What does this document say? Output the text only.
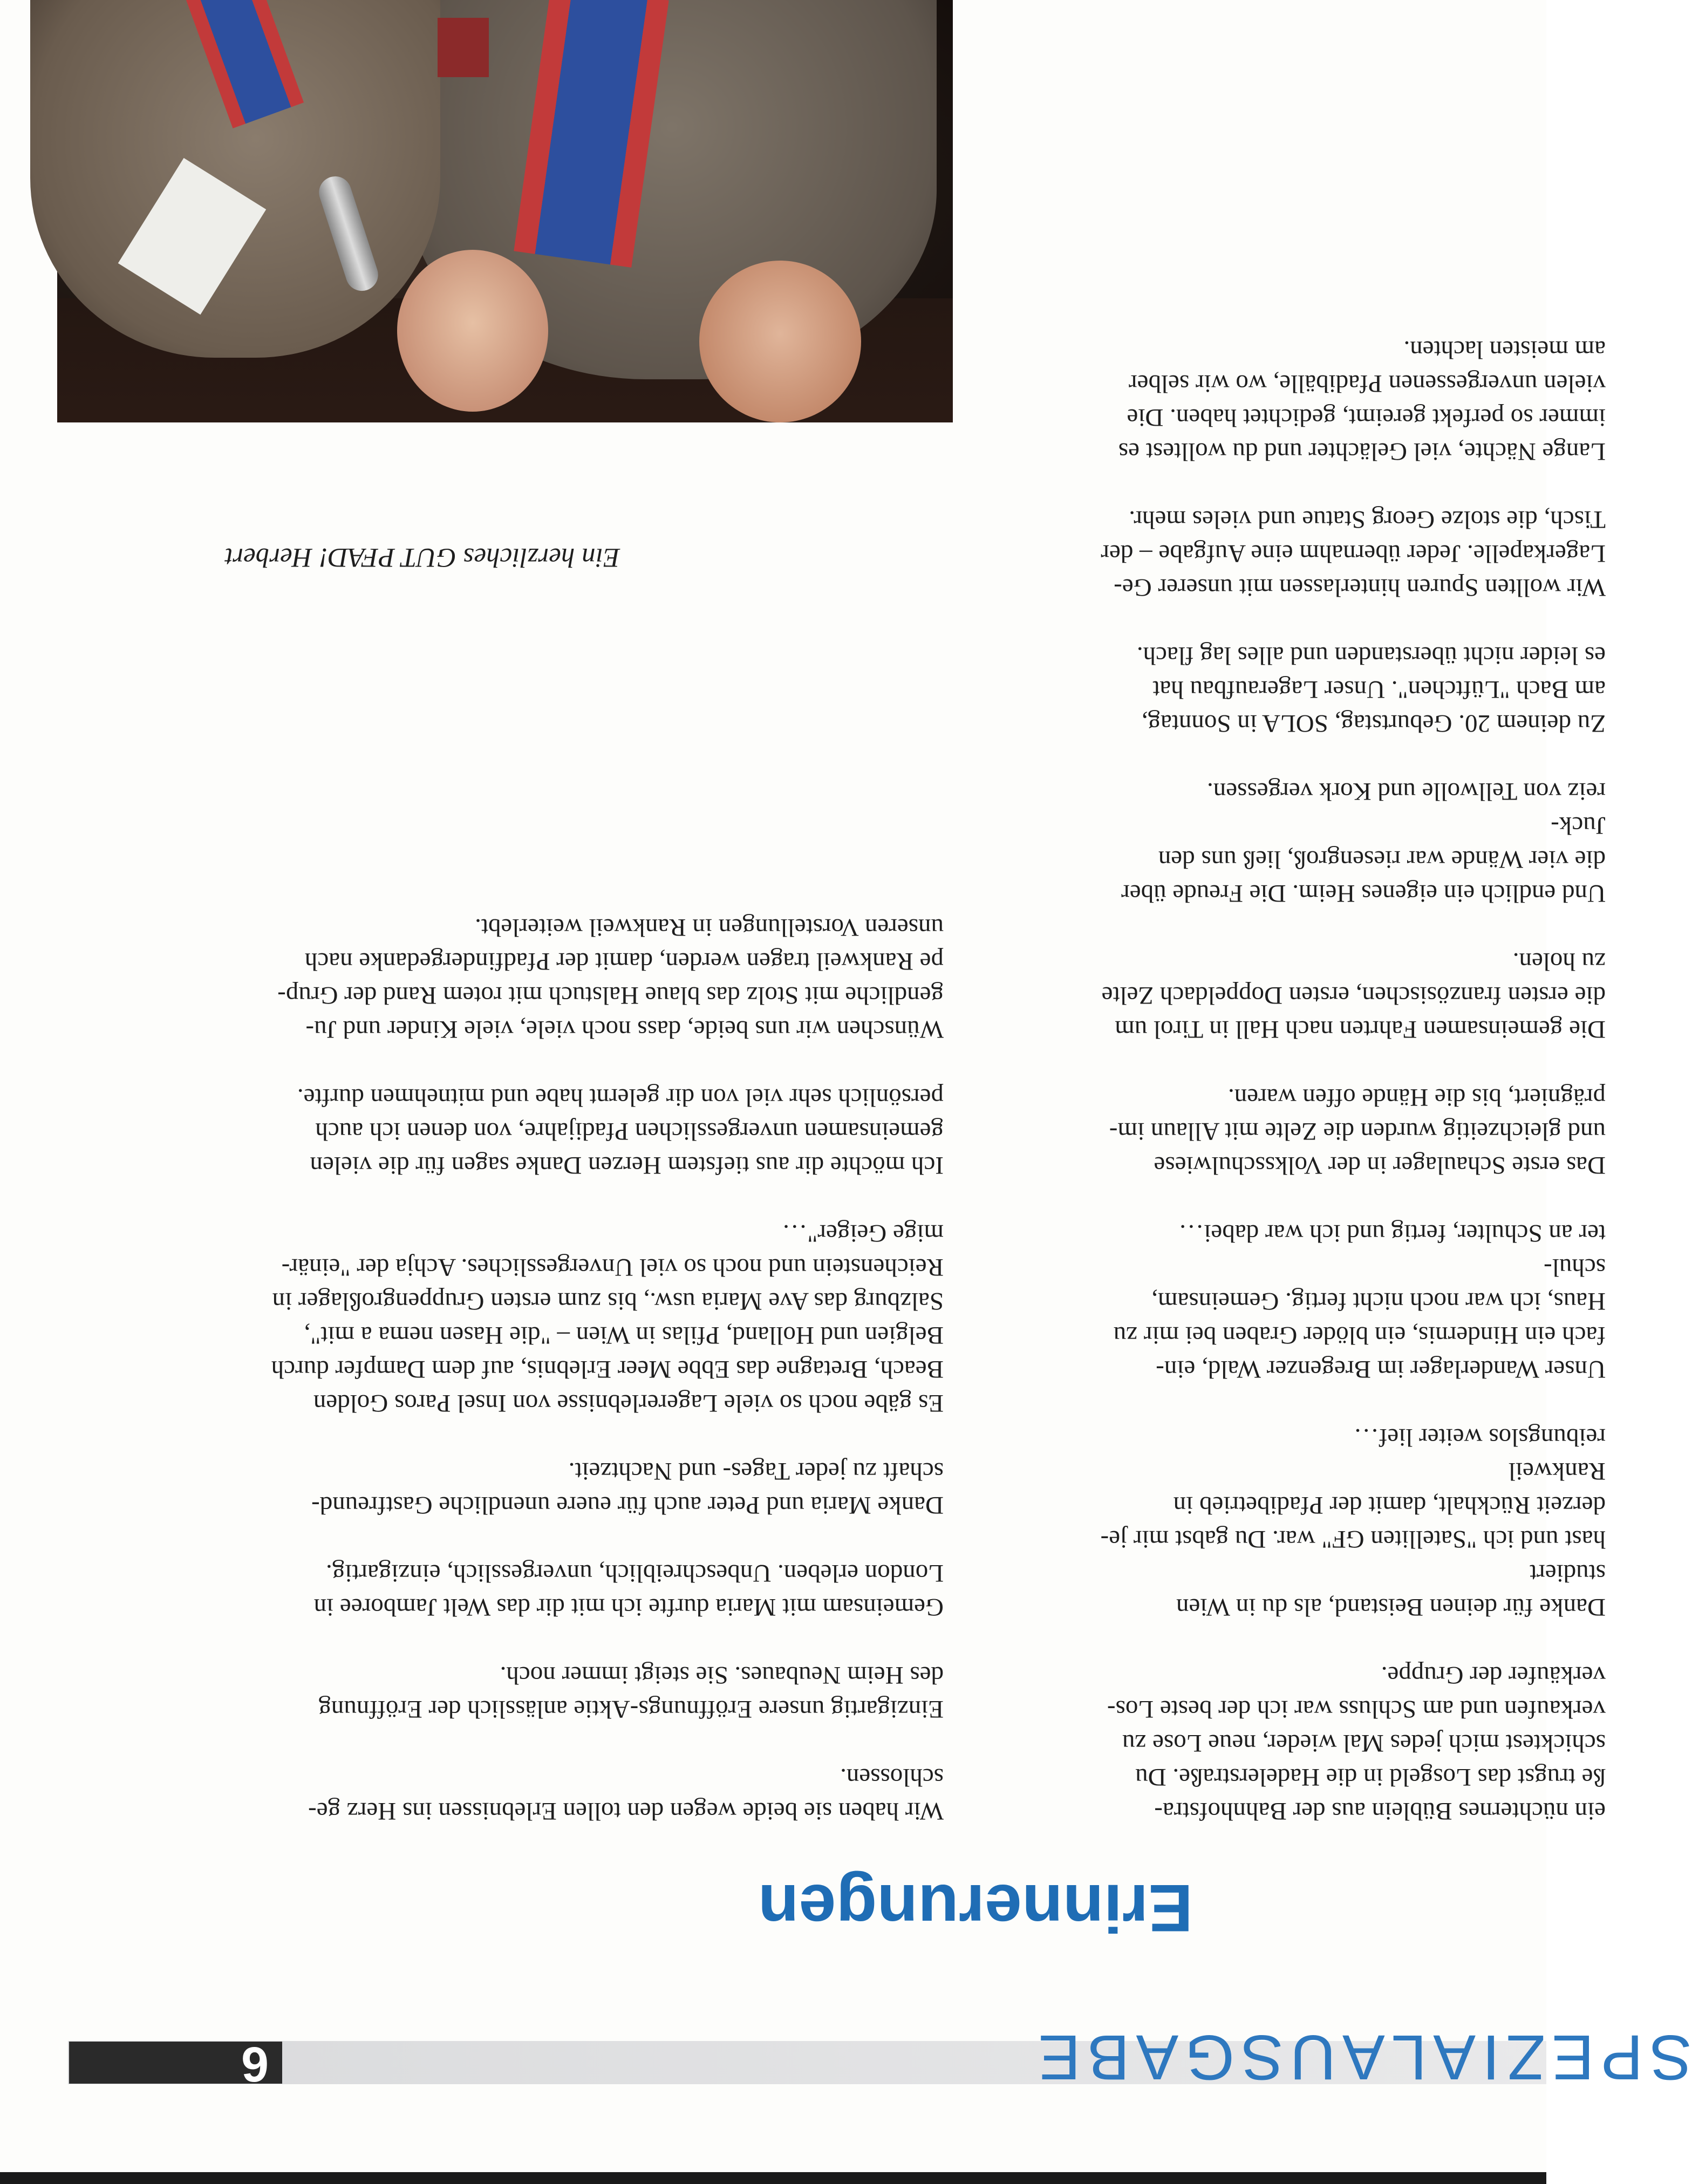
SPEZIALAUSGABE
6
Erinnerungen

ein nüchternes Büblein aus der Bahnhofstra-

ße trugst das Losgeld in die Hadelerstraße. Du

schicktest mich jedes Mal wieder, neue Lose zu

verkaufen und am Schluss war ich der beste Los-

verkäufer der Gruppe.

Danke für deinen Beistand, als du in Wien studiert

hast und ich "Satelliten GF" war. Du gabst mir je-

derzeit Rückhalt, damit der Pfadibetrieb in Rankweil

reibungslos weiter lief…

Unser Wanderlager im Bregenzer Wald, ein-

fach ein Hindernis, ein blöder Graben bei mir zu

Haus, ich war noch nicht fertig. Gemeinsam, schul-

ter an Schulter, fertig und ich war dabei…

Das erste Schaulager in der Volksschulwiese

und gleichzeitig wurden die Zelte mit Allaun im-

prägniert, bis die Hände offen waren.

Die gemeinsamen Fahrten nach Hall in Tirol um

die ersten französischen, ersten Doppeldach Zelte

zu holen.

Und endlich ein eigenes Heim. Die Freude über

die vier Wände war riesengroß, ließ uns den Juck-

reiz von Tellwolle und Kork vergessen.

Zu deinem 20. Geburtstag, SOLA in Sonntag,

am Bach "Lüftchen". Unser Lageraufbau hat

es leider nicht überstanden und alles lag flach.

Wir wollten Spuren hinterlassen mit unserer Ge-

Lagerkapelle. Jeder übernahm eine Aufgabe – der

Tisch, die stolze Georg Statue und vieles mehr.

Lange Nächte, viel Gelächter und du wolltest es

immer so perfekt gereimt, gedichtet haben. Die

vielen unvergessenen Pfadibälle, wo wir selber

am meisten lachten.

Wir haben sie beide wegen den tollen Erlebnissen ins Herz ge-

schlossen.

Einzigartig unsere Eröffnungs-Aktie anlässlich der Eröffnung

des Heim Neubaues. Sie steigt immer noch.

Gemeinsam mit Maria durfte ich mit dir das Welt Jamboree in

London erleben. Unbeschreiblich, unvergesslich, einzigartig.

Danke Maria und Peter auch für euere unendliche Gastfreund-

schaft zu jeder Tages- und Nachtzeit.

Es gäbe noch so viele Lagererlebnisse von Insel Paros Golden

Beach, Bretagne das Ebbe Meer Erlebnis, auf dem Dampfer durch

Belgien und Holland, Pfilas in Wien – "die Hasen nema a mit",

Salzburg das Ave Maria usw., bis zum ersten Gruppengroßlager in

Reichenstein und noch so viel Unvergessliches. Achja der "einär-

mige Geiger"…

Ich möchte dir aus tiefstem Herzen Danke sagen für die vielen

gemeinsamen unvergesslichen Pfadijahre, von denen ich auch

persönlich sehr viel von dir gelernt habe und mitnehmen durfte.

Wünschen wir uns beide, dass noch viele, viele Kinder und Ju-

gendliche mit Stolz das blaue Halstuch mit rotem Rand der Grup-

pe Rankweil tragen werden, damit der Pfadfindergedanke nach

unseren Vorstellungen in Rankweil weiterlebt.

Ein herzliches GUT PFAD! Herbert
